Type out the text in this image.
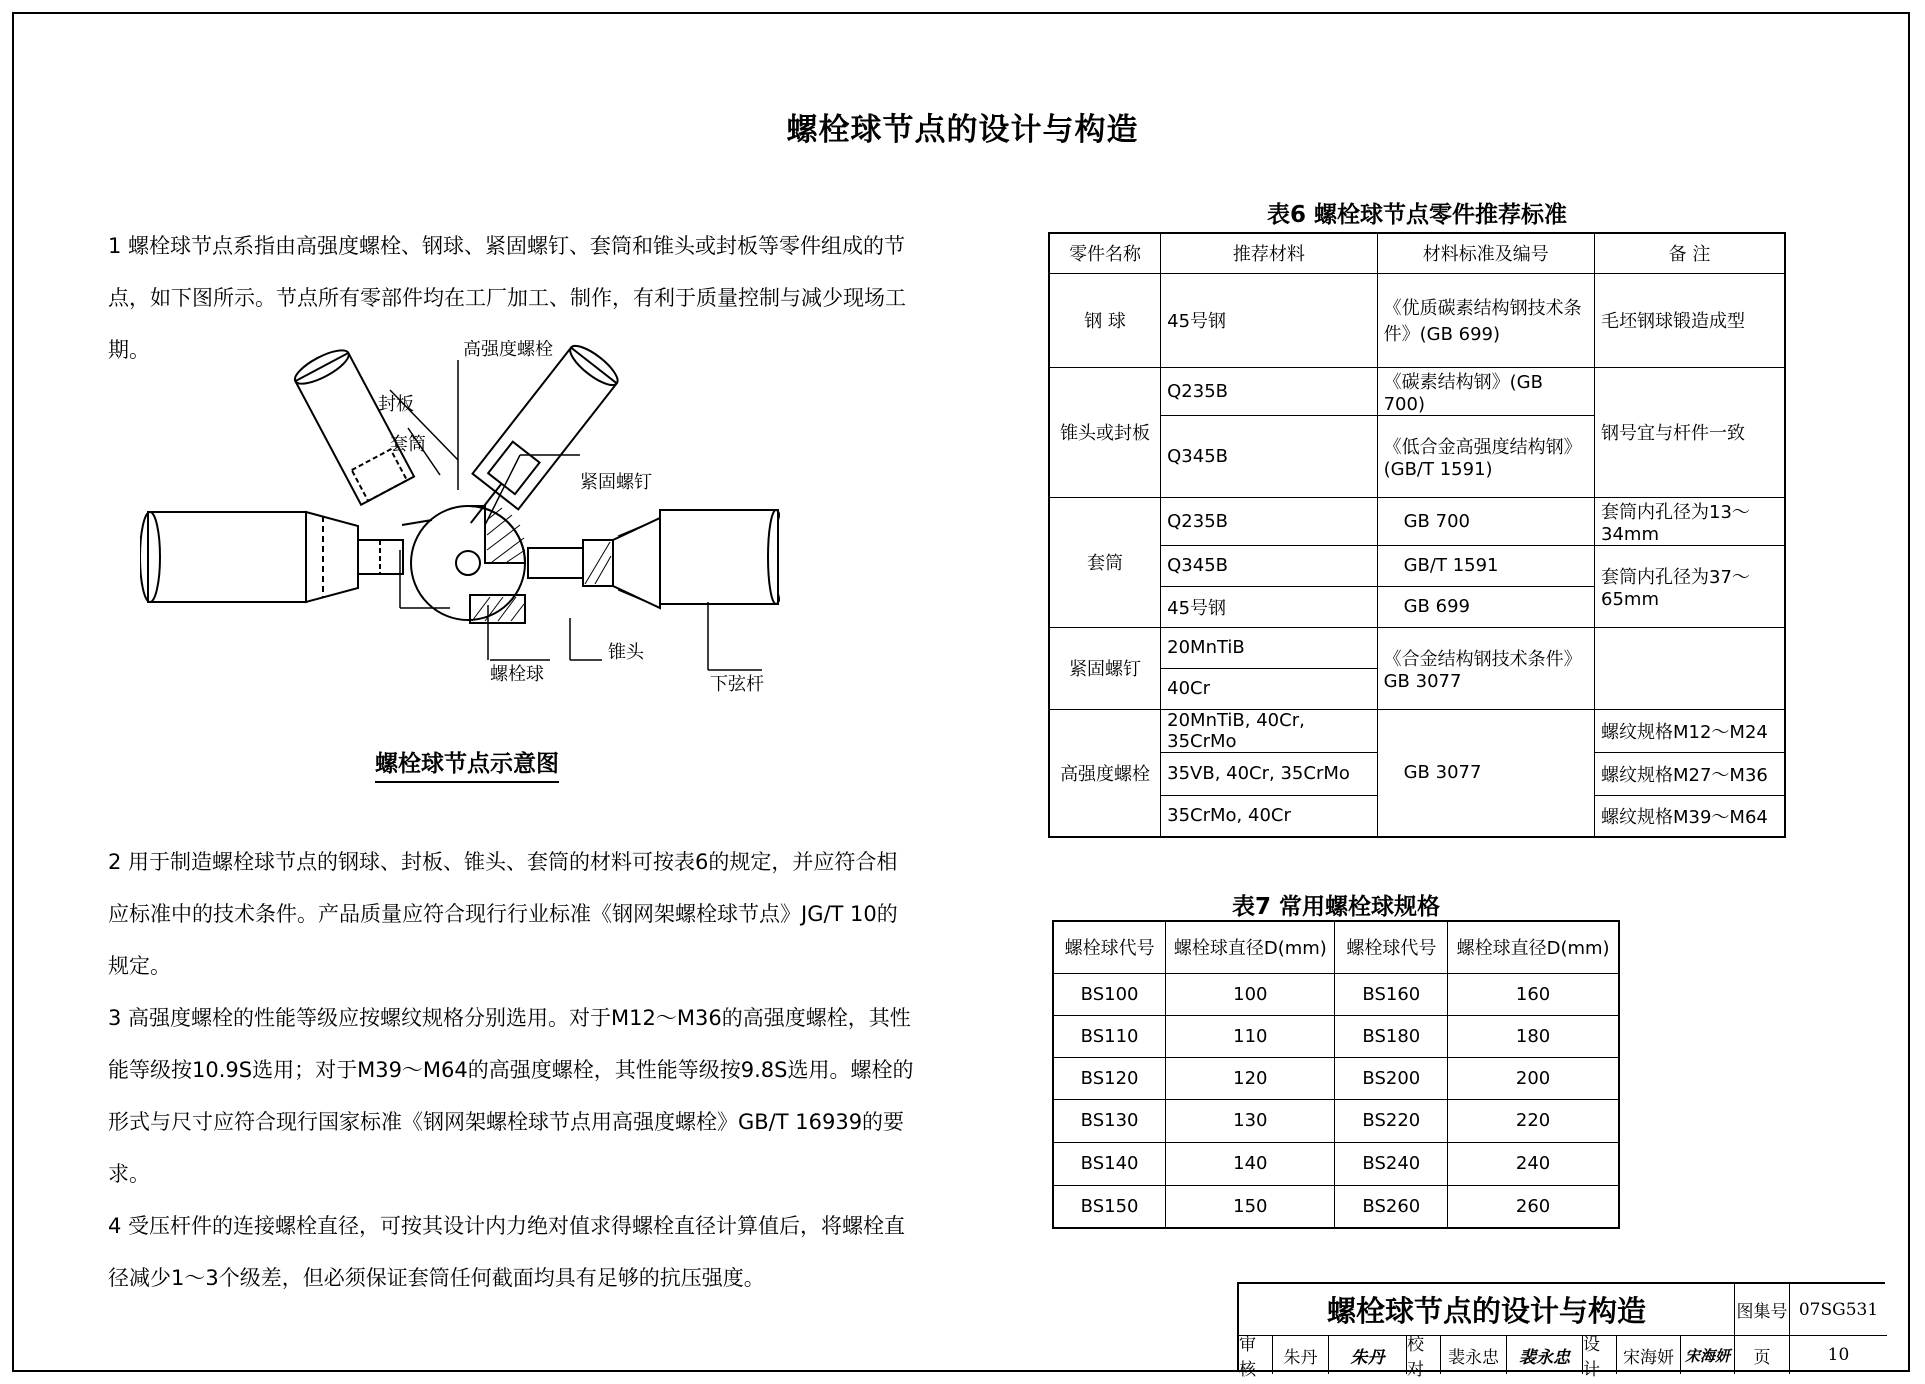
螺栓球节点的设计与构造

1 螺栓球节点系指由高强度螺栓、钢球、紧固螺钉、套筒和锥头或封板等零件组成的节点，如下图所示。节点所有零部件均在工厂加工、制作，有利于质量控制与减少现场工期。	高强度螺栓
封板
套筒
紧固螺钉
螺栓球
锥头
下弦杆
螺栓球节点示意图

2 用于制造螺栓球节点的钢球、封板、锥头、套筒的材料可按表6的规定，并应符合相应标准中的技术条件。产品质量应符合现行行业标准《钢网架螺栓球节点》JG/T 10的规定。

3 高强度螺栓的性能等级应按螺纹规格分别选用。对于M12～M36的高强度螺栓，其性能等级按10.9S选用；对于M39～M64的高强度螺栓，其性能等级按9.8S选用。螺栓的形式与尺寸应符合现行国家标准《钢网架螺栓球节点用高强度螺栓》GB/T 16939的要求。

4 受压杆件的连接螺栓直径，可按其设计内力绝对值求得螺栓直径计算值后，将螺栓直径减少1～3个级差，但必须保证套筒任何截面均具有足够的抗压强度。

表6 螺栓球节点零件推荐标准
零件名称	推荐材料	材料标准及编号	备 注
钢 球	45号钢	《优质碳素结构钢技术条件》(GB 699)	毛坯钢球锻造成型
锥头或封板	Q235B	《碳素结构钢》(GB 700)	钢号宜与杆件一致
	Q345B	《低合金高强度结构钢》(GB/T 1591)	
套筒	Q235B	GB 700	套筒内孔径为13～34mm
	Q345B	GB/T 1591	套筒内孔径为37～65mm
	45号钢	GB 699	
紧固螺钉	20MnTiB	《合金结构钢技术条件》GB 3077	
	40Cr		
高强度螺栓	20MnTiB, 40Cr, 35CrMo	GB 3077	螺纹规格M12～M24
	35VB, 40Cr, 35CrMo		螺纹规格M27～M36
	35CrMo, 40Cr		螺纹规格M39～M64
表7 常用螺栓球规格
螺栓球代号	螺栓球直径D(mm)	螺栓球代号	螺栓球直径D(mm)
BS100	100	BS160	160
BS110	110	BS180	180
BS120	120	BS200	200
BS130	130	BS220	220
BS140	140	BS240	240
BS150	150	BS260	260
螺栓球节点的设计与构造	图集号 07SG531
审核
朱丹	朱丹
校对
裴永忠	裴永忠
设计
宋海妍 宋海妍	页	10
